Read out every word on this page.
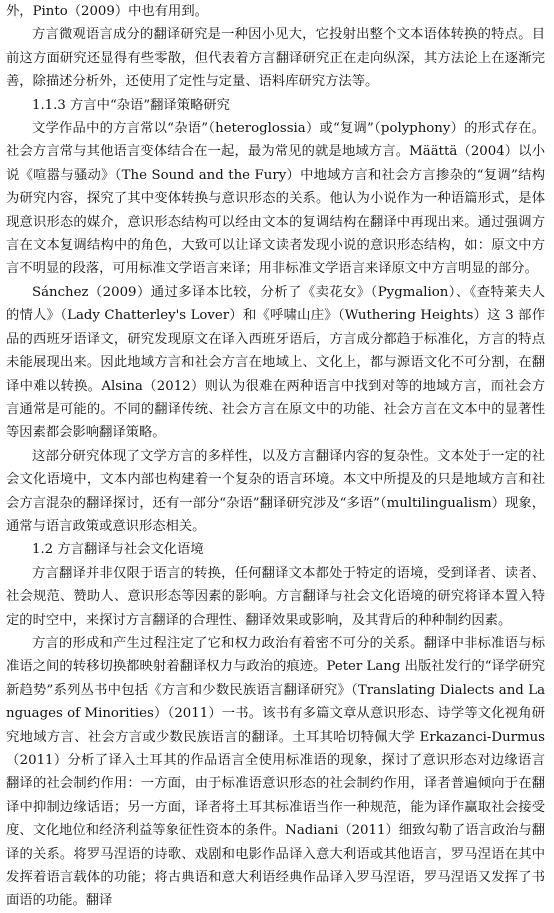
外，Pinto（2009）中也有用到。

方言微观语言成分的翻译研究是一种因小见大，它投射出整个文本语体转换的特点。目前这方面研究还显得有些零散，但代表着方言翻译研究正在走向纵深，其方法论上在逐渐完善，除描述分析外，还使用了定性与定量、语料库研究方法等。

1.1.3 方言中“杂语”翻译策略研究

文学作品中的方言常以“杂语”（heteroglossia）或“复调”（polyphony）的形式存在。社会方言常与其他语言变体结合在一起，最为常见的就是地域方言。Määttä（2004）以小说《喧嚣与骚动》（The Sound and the Fury）中地域方言和社会方言掺杂的“复调”结构为研究内容，探究了其中变体转换与意识形态的关系。他认为小说作为一种语篇形式，是体现意识形态的媒介，意识形态结构可以经由文本的复调结构在翻译中再现出来。通过强调方言在文本复调结构中的角色，大致可以让译文读者发现小说的意识形态结构，如：原文中方言不明显的段落，可用标准文学语言来译；用非标准文学语言来译原文中方言明显的部分。

Sánchez（2009）通过多译本比较，分析了《卖花女》（Pygmalion）、《查特莱夫人的情人》（Lady Chatterley's Lover）和《呼啸山庄》（Wuthering Heights）这 3 部作品的西班牙语译文，研究发现原文在译入西班牙语后，方言成分都趋于标准化，方言的特点未能展现出来。因此地域方言和社会方言在地域上、文化上，都与源语文化不可分割，在翻译中难以转换。Alsina（2012）则认为很难在两种语言中找到对等的地域方言，而社会方言通常是可能的。不同的翻译传统、社会方言在原文中的功能、社会方言在文本中的显著性等因素都会影响翻译策略。

这部分研究体现了文学方言的多样性，以及方言翻译内容的复杂性。文本处于一定的社会文化语境中，文本内部也构建着一个复杂的语言环境。本文中所提及的只是地域方言和社会方言混杂的翻译探讨，还有一部分“杂语”翻译研究涉及“多语”（multilingualism）现象，通常与语言政策或意识形态相关。

1.2 方言翻译与社会文化语境

方言翻译并非仅限于语言的转换，任何翻译文本都处于特定的语境，受到译者、读者、社会规范、赞助人、意识形态等因素的影响。方言翻译与社会文化语境的研究将译本置入特定的时空中，来探讨方言翻译的合理性、翻译效果或影响，及其背后的种种制约因素。

方言的形成和产生过程注定了它和权力政治有着密不可分的关系。翻译中非标准语与标准语之间的转移切换都映射着翻译权力与政治的痕迹。Peter Lang 出版社发行的“译学研究新趋势”系列丛书中包括《方言和少数民族语言翻译研究》（Translating Dialects and Languages of Minorities）（2011）一书。该书有多篇文章从意识形态、诗学等文化视角研究地域方言、社会方言或少数民族语言的翻译。土耳其哈切特佩大学 Erkazanci-Durmus（2011）分析了译入土耳其的作品语言全使用标准语的现象，探讨了意识形态对边缘语言翻译的社会制约作用：一方面，由于标准语意识形态的社会制约作用，译者普遍倾向于在翻译中抑制边缘话语；另一方面，译者将土耳其标准语当作一种规范，能为译作赢取社会接受度、文化地位和经济利益等象征性资本的条件。Nadiani（2011）细致勾勒了语言政治与翻译的关系。将罗马涅语的诗歌、戏剧和电影作品译入意大利语或其他语言，罗马涅语在其中发挥着语言载体的功能；将古典语和意大利语经典作品译入罗马涅语，罗马涅语又发挥了书面语的功能。翻译
